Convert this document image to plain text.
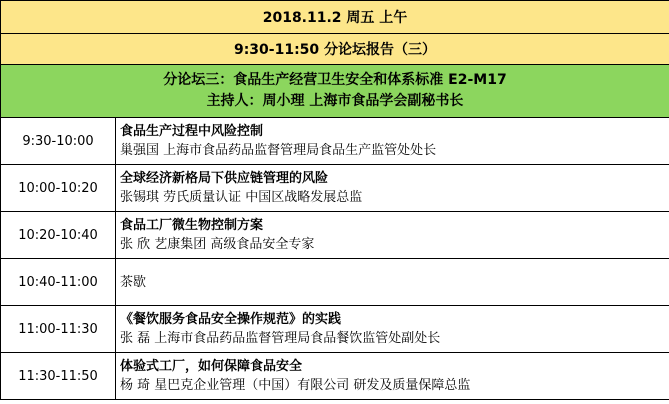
2018.11.2 周五 上午	
9:30-11:50 分论坛报告（三）	

分论坛三：食品生产经营卫生安全和体系标准 E2-M17
主持人：周小理 上海市食品学会副秘书长	

9:30-10:00	食品生产过程中风险控制
巢强国 上海市食品药品监督管理局食品生产监管处处长

10:00-10:20	全球经济新格局下供应链管理的风险
张锡琪 劳氏质量认证 中国区战略发展总监

10:20-10:40	食品工厂微生物控制方案
张 欣 艺康集团 高级食品安全专家

10:40-11:00	茶歇

11:00-11:30	《餐饮服务食品安全操作规范》的实践
张 磊 上海市食品药品监督管理局食品餐饮监管处副处长

11:30-11:50	体验式工厂，如何保障食品安全
杨 琦 星巴克企业管理（中国）有限公司 研发及质量保障总监
